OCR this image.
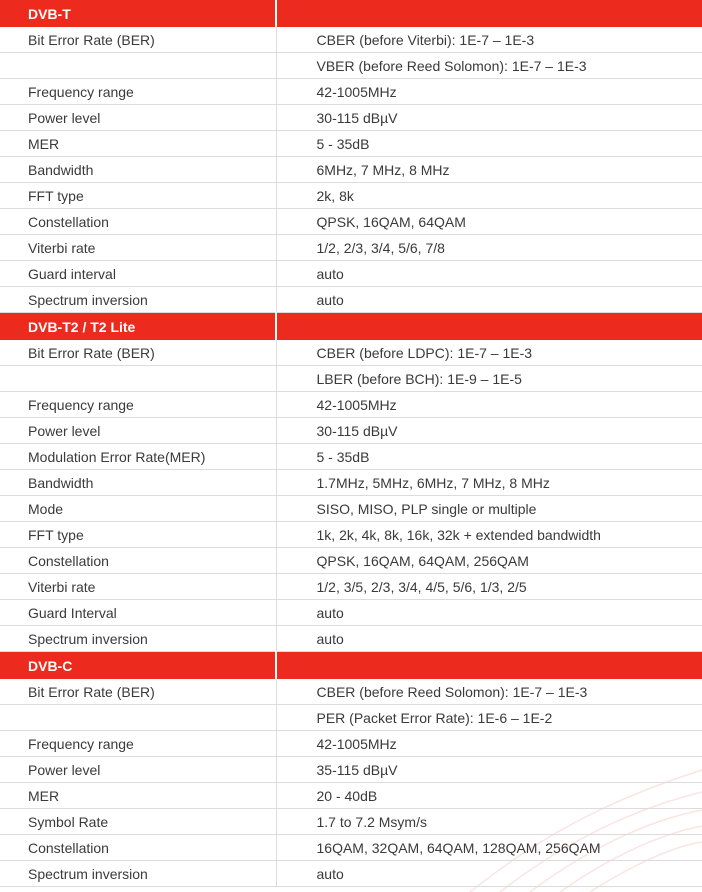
DVB-T	
Bit Error Rate (BER)	CBER (before Viterbi): 1E-7 – 1E-3
	VBER (before Reed Solomon): 1E-7 – 1E-3
Frequency range	42-1005MHz
Power level	30-115 dBµV
MER	5 - 35dB
Bandwidth	6MHz, 7 MHz, 8 MHz
FFT type	2k, 8k
Constellation	QPSK, 16QAM, 64QAM
Viterbi rate	1/2, 2/3, 3/4, 5/6, 7/8
Guard interval	auto
Spectrum inversion	auto
DVB-T2 / T2 Lite	
Bit Error Rate (BER)	CBER (before LDPC): 1E-7 – 1E-3
	LBER (before BCH): 1E-9 – 1E-5
Frequency range	42-1005MHz
Power level	30-115 dBµV
Modulation Error Rate(MER)	5 - 35dB
Bandwidth	1.7MHz, 5MHz, 6MHz, 7 MHz, 8 MHz
Mode	SISO, MISO, PLP single or multiple
FFT type	1k, 2k, 4k, 8k, 16k, 32k + extended bandwidth
Constellation	QPSK, 16QAM, 64QAM, 256QAM
Viterbi rate	1/2, 3/5, 2/3, 3/4, 4/5, 5/6, 1/3, 2/5
Guard Interval	auto
Spectrum inversion	auto
DVB-C	
Bit Error Rate (BER)	CBER (before Reed Solomon): 1E-7 – 1E-3
	PER (Packet Error Rate): 1E-6 – 1E-2
Frequency range	42-1005MHz
Power level	35-115 dBµV
MER	20 - 40dB
Symbol Rate	1.7 to 7.2 Msym/s
Constellation	16QAM, 32QAM, 64QAM, 128QAM, 256QAM
Spectrum inversion	auto
